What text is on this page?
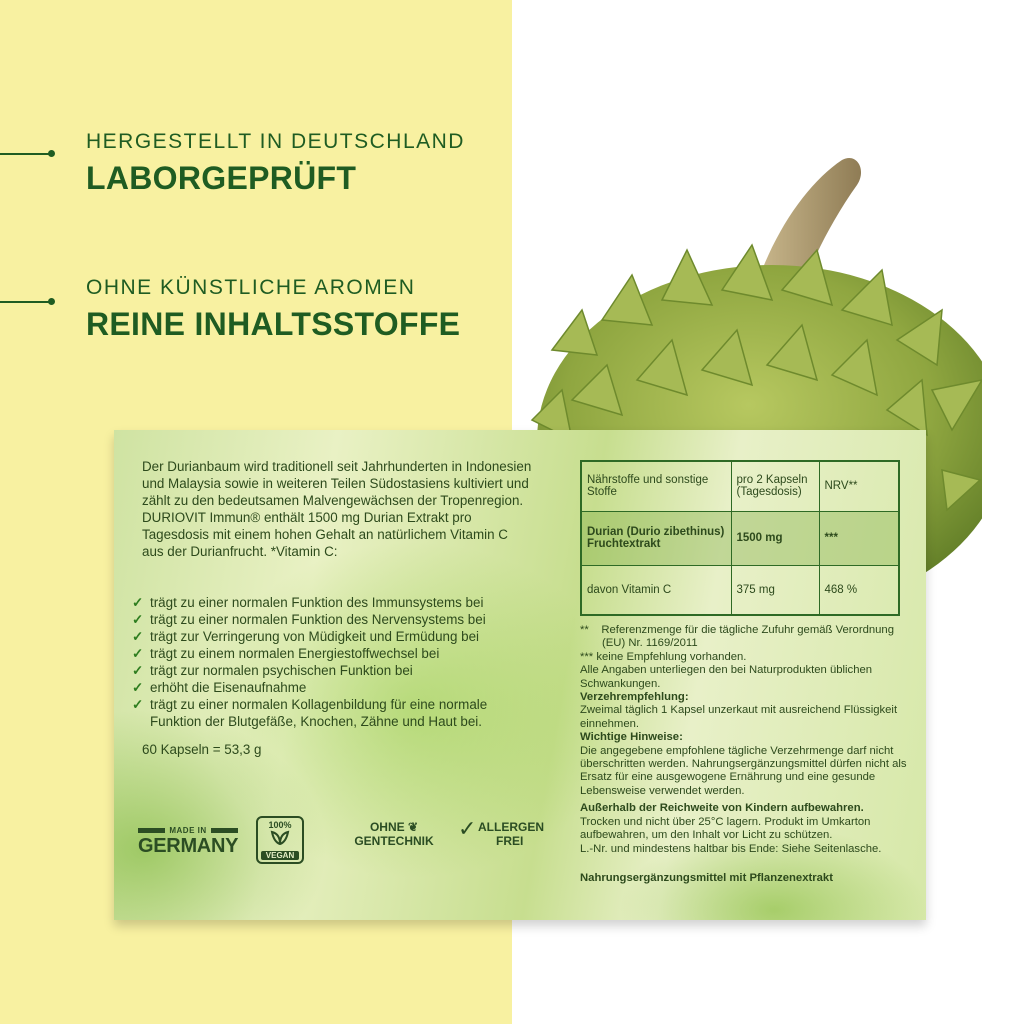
HERGESTELLT IN DEUTSCHLAND
LABORGEPRÜFT
OHNE KÜNSTLICHE AROMEN
REINE INHALTSSTOFFE

Der Durianbaum wird traditionell seit Jahrhunderten in Indonesien und Malaysia sowie in weiteren Teilen Südostasiens kultiviert und zählt zu den bedeutsamen Malvengewächsen der Tropenregion. DURIOVIT Immun® enthält 1500 mg Durian Extrakt pro Tagesdosis mit einem hohen Gehalt an natürlichem Vitamin C aus der Durianfrucht. *Vitamin C:

✓ trägt zu einer normalen Funktion des Immunsystems bei
✓ trägt zu einer normalen Funktion des Nervensystems bei
✓ trägt zur Verringerung von Müdigkeit und Ermüdung bei
✓ trägt zu einem normalen Energiestoffwechsel bei
✓ trägt zur normalen psychischen Funktion bei
✓ erhöht die Eisenaufnahme
✓ trägt zu einer normalen Kollagenbildung für eine normale Funktion der Blutgefäße, Knochen, Zähne und Haut bei.
60 Kapseln = 53,3 g
MADE IN
GERMANY
100%
VEGAN
OHNE ❦
GENTECHNIK	✓ ALLERGEN
FREI
Nährstoffe und sonstige Stoffe	pro 2 Kapseln (Tagesdosis)	NRV**
Durian (Durio zibethinus) Fruchtextrakt	1500 mg	***
davon Vitamin C	375 mg	468 %
** Referenzmenge für die tägliche Zufuhr gemäß Verordnung (EU) Nr. 1169/2011
*** keine Empfehlung vorhanden.
Alle Angaben unterliegen den bei Naturprodukten üblichen Schwankungen.
Verzehrempfehlung:
Zweimal täglich 1 Kapsel unzerkaut mit ausreichend Flüssigkeit einnehmen.
Wichtige Hinweise:
Die angegebene empfohlene tägliche Verzehrmenge darf nicht überschritten werden. Nahrungsergänzungsmittel dürfen nicht als Ersatz für eine ausgewogene Ernährung und eine gesunde Lebensweise verwendet werden.
Außerhalb der Reichweite von Kindern aufbewahren.
Trocken und nicht über 25°C lagern. Produkt im Umkarton aufbewahren, um den Inhalt vor Licht zu schützen.
L.-Nr. und mindestens haltbar bis Ende: Siehe Seitenlasche.
Nahrungsergänzungsmittel mit Pflanzenextrakt
